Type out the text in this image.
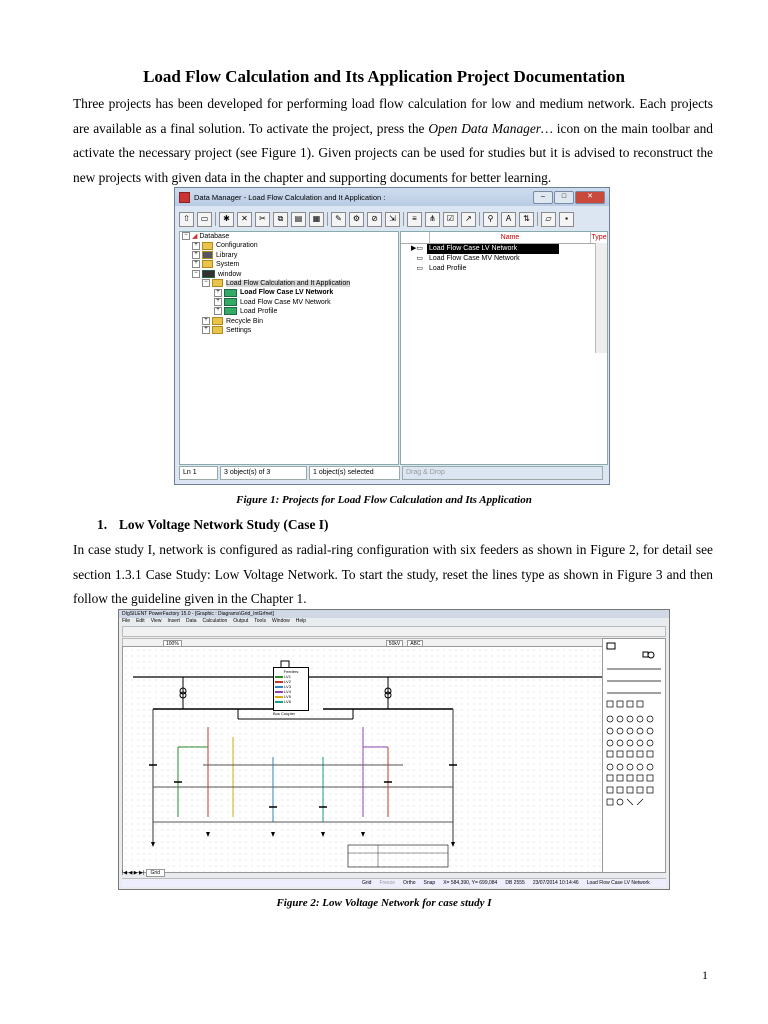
Load Flow Calculation and Its Application Project Documentation
Three projects has been developed for performing load flow calculation for low and medium network. Each projects are available as a final solution. To activate the project, press the Open Data Manager… icon on the main toolbar and activate the necessary project (see Figure 1). Given projects can be used for studies but it is advised to reconstruct the new projects with given data in the chapter and supporting documents for better learning.
Data Manager - Load Flow Calculation and It Application :	–	□	✕
⇧	▭	✱	✕	✂	⧉	▤	▦	✎	⚙	⊘	⇲	≡	⋔	☑	↗	⚲	A	⇅	▱	▪
− ◢ Database
+	Configuration
+	Library
+	System
−	window
−	Load Flow Calculation and It Application
+	Load Flow Case LV Network
+	Load Flow Case MV Network
+	Load Profile
+	Recycle Bin
+	Settings
Name	Type
▶▭ Load Flow Case LV Network
▭ Load Flow Case MV Network
▭ Load Profile
Ln 1	3 object(s) of 3	1 object(s) selected	Drag & Drop
Figure 1: Projects for Load Flow Calculation and Its Application
1. Low Voltage Network Study (Case I)
In case study I, network is configured as radial-ring configuration with six feeders as shown in Figure 2, for detail see section 1.3.1 Case Study: Low Voltage Network. To start the study, reset the lines type as shown in Figure 3 and then follow the guideline given in the Chapter 1.
DIgSILENT PowerFactory 15.0 - [Graphic : Diagrams\Grid_IntGrfnet]
File Edit View Insert Data Calculation Output Tools Window Help
100%	50kV	ABC
Feeders
LV1
LV2
LV3
LV4
LV5
LV6
Bus Coupler
|◀ ◀ ▶ ▶| Grid
Grid Freeze Ortho Snap X= 584,390, Y= 699,084 DB 2555 23/07/2014 10:14:46 Load Flow Case LV Network
Figure 2: Low Voltage Network for case study I
1
